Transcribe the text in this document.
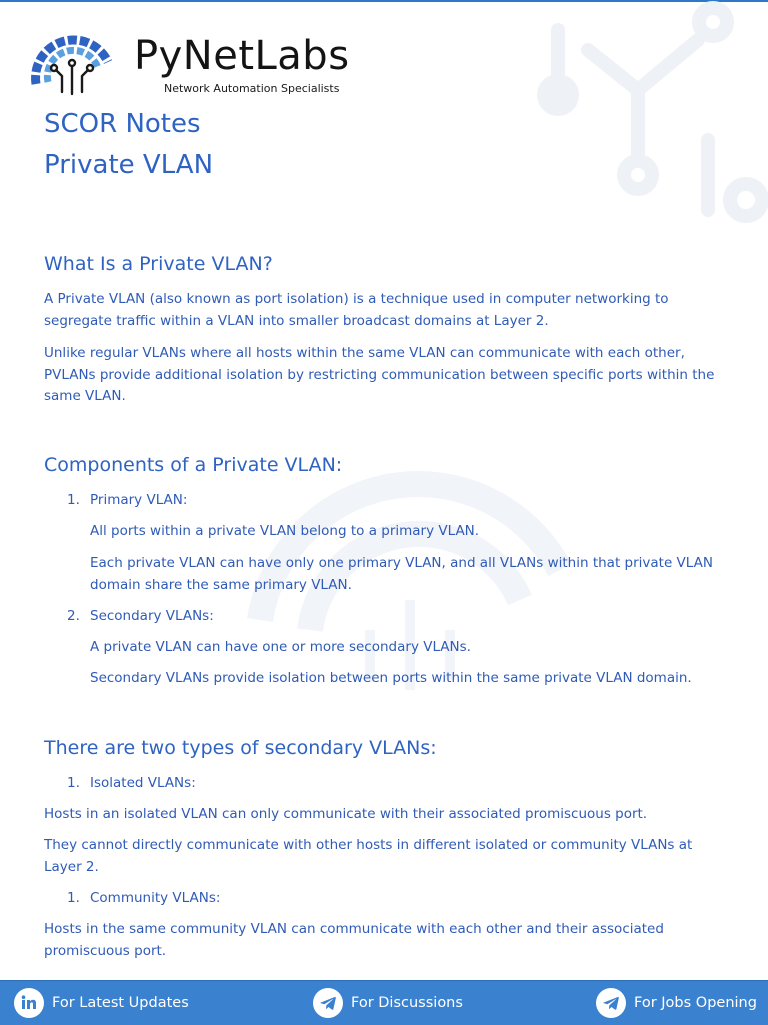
PyNetLabs
Network Automation Specialists
SCOR Notes
Private VLAN
What Is a Private VLAN?
A Private VLAN (also known as port isolation) is a technique used in computer networking to segregate traffic within a VLAN into smaller broadcast domains at Layer 2.
Unlike regular VLANs where all hosts within the same VLAN can communicate with each other, PVLANs provide additional isolation by restricting communication between specific ports within the same VLAN.
Components of a Private VLAN:
1. Primary VLAN:
All ports within a private VLAN belong to a primary VLAN.
Each private VLAN can have only one primary VLAN, and all VLANs within that private VLAN domain share the same primary VLAN.
2. Secondary VLANs:
A private VLAN can have one or more secondary VLANs.
Secondary VLANs provide isolation between ports within the same private VLAN domain.
There are two types of secondary VLANs:
1. Isolated VLANs:
Hosts in an isolated VLAN can only communicate with their associated promiscuous port.
They cannot directly communicate with other hosts in different isolated or community VLANs at Layer 2.
1. Community VLANs:
Hosts in the same community VLAN can communicate with each other and their associated promiscuous port.
For Latest Updates	For Discussions	For Jobs Opening
